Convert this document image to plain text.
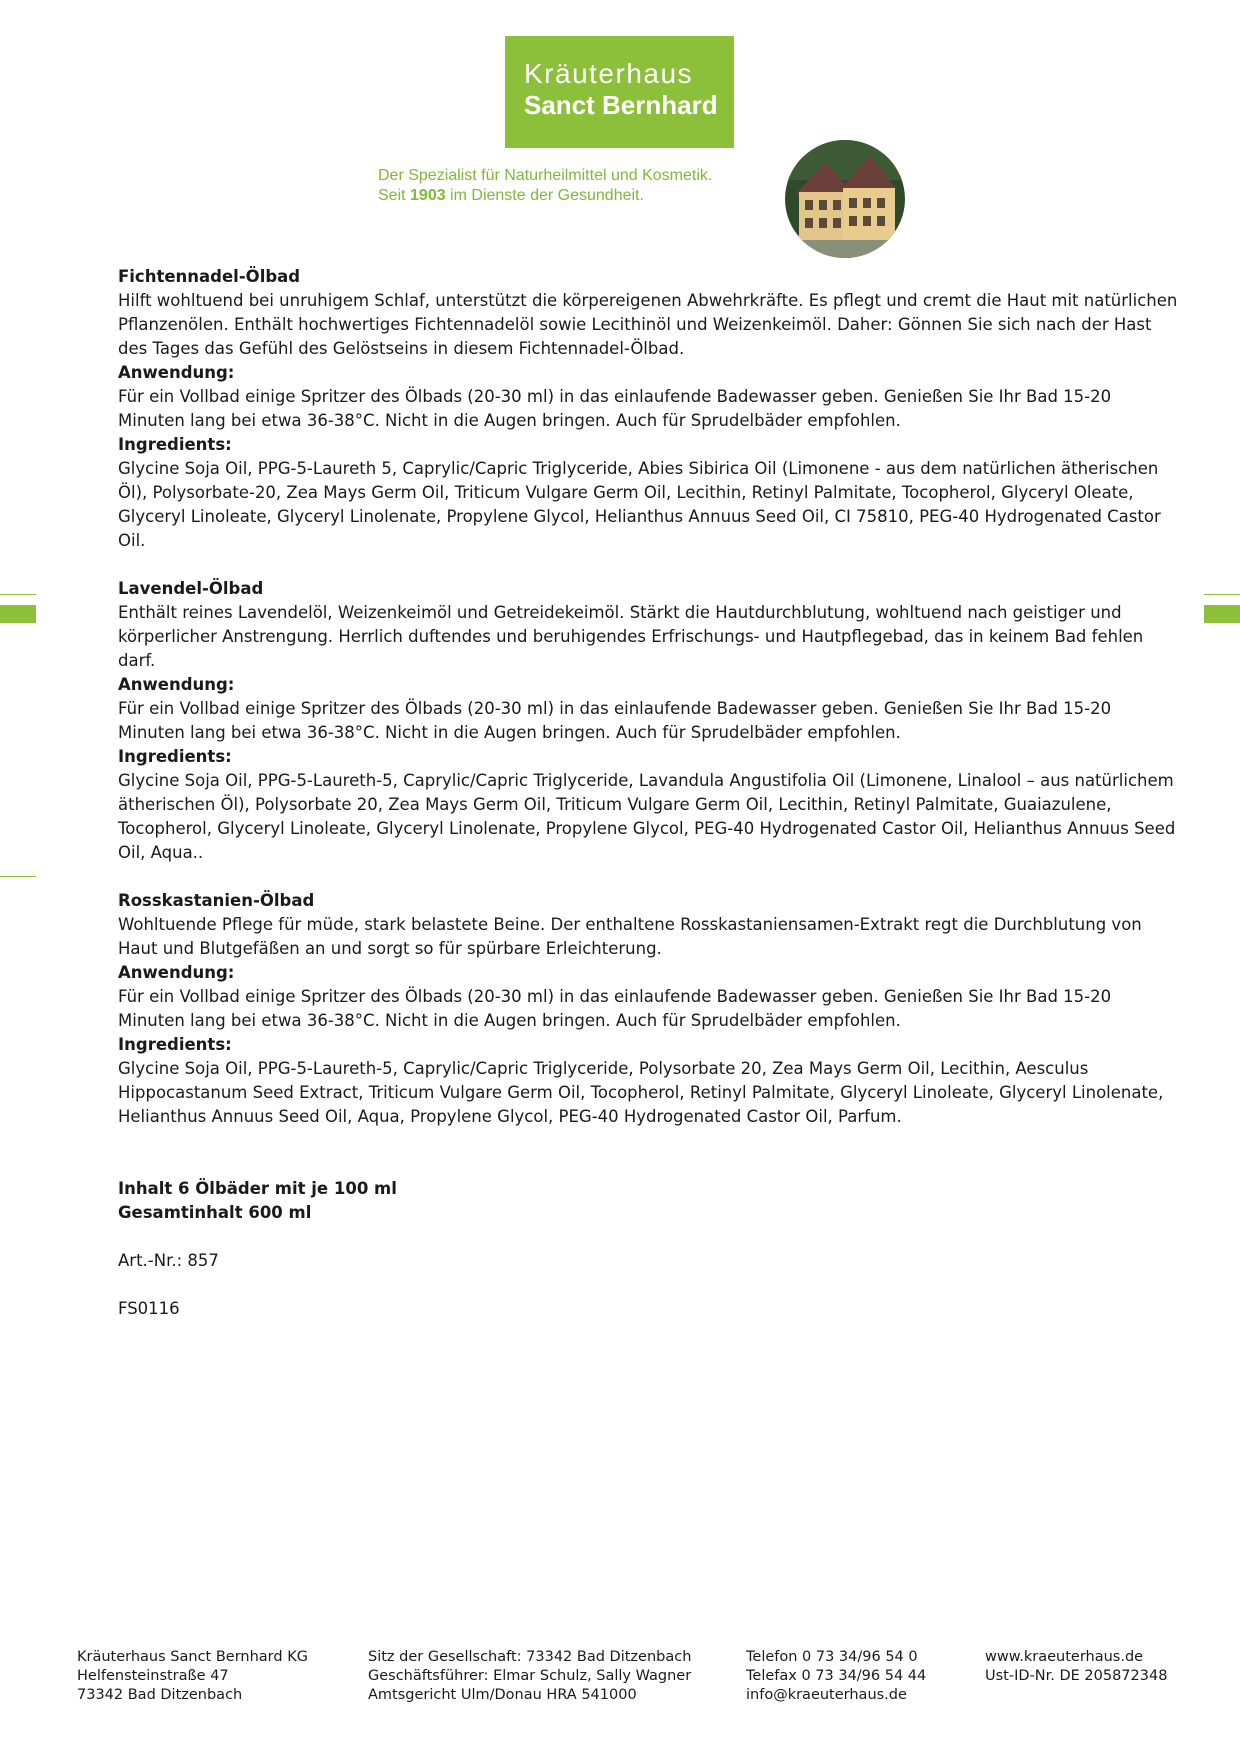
Kräuterhaus
Sanct Bernhard
Der Spezialist für Naturheilmittel und Kosmetik.
Seit 1903 im Dienste der Gesundheit.
Fichtennadel-Ölbad

Hilft wohltuend bei unruhigem Schlaf, unterstützt die körpereigenen Abwehrkräfte. Es pflegt und cremt die Haut mit natürlichen Pflanzenölen. Enthält hochwertiges Fichtennadelöl sowie Lecithinöl und Weizenkeimöl. Daher: Gönnen Sie sich nach der Hast des Tages das Gefühl des Gelöstseins in diesem Fichtennadel-Ölbad.

Anwendung:

Für ein Vollbad einige Spritzer des Ölbads (20-30 ml) in das einlaufende Badewasser geben. Genießen Sie Ihr Bad 15-20 Minuten lang bei etwa 36-38°C. Nicht in die Augen bringen. Auch für Sprudelbäder empfohlen.

Ingredients:

Glycine Soja Oil, PPG-5-Laureth 5, Caprylic/Capric Triglyceride, Abies Sibirica Oil (Limonene - aus dem natürlichen ätherischen Öl), Polysorbate-20, Zea Mays Germ Oil, Triticum Vulgare Germ Oil, Lecithin, Retinyl Palmitate, Tocopherol, Glyceryl Oleate, Glyceryl Linoleate, Glyceryl Linolenate, Propylene Glycol, Helianthus Annuus Seed Oil, CI 75810, PEG-40 Hydrogenated Castor Oil.

Lavendel-Ölbad

Enthält reines Lavendelöl, Weizenkeimöl und Getreidekeimöl. Stärkt die Hautdurchblutung, wohltuend nach geistiger und körperlicher Anstrengung. Herrlich duftendes und beruhigendes Erfrischungs- und Hautpflegebad, das in keinem Bad fehlen darf.

Anwendung:

Für ein Vollbad einige Spritzer des Ölbads (20-30 ml) in das einlaufende Badewasser geben. Genießen Sie Ihr Bad 15-20 Minuten lang bei etwa 36-38°C. Nicht in die Augen bringen. Auch für Sprudelbäder empfohlen.

Ingredients:

Glycine Soja Oil, PPG-5-Laureth-5, Caprylic/Capric Triglyceride, Lavandula Angustifolia Oil (Limonene, Linalool – aus natürlichem ätherischen Öl), Polysorbate 20, Zea Mays Germ Oil, Triticum Vulgare Germ Oil, Lecithin, Retinyl Palmitate, Guaiazulene, Tocopherol, Glyceryl Linoleate, Glyceryl Linolenate, Propylene Glycol, PEG-40 Hydrogenated Castor Oil, Helianthus Annuus Seed Oil, Aqua..

Rosskastanien-Ölbad

Wohltuende Pflege für müde, stark belastete Beine. Der enthaltene Rosskastaniensamen-Extrakt regt die Durchblutung von Haut und Blutgefäßen an und sorgt so für spürbare Erleichterung.

Anwendung:

Für ein Vollbad einige Spritzer des Ölbads (20-30 ml) in das einlaufende Badewasser geben. Genießen Sie Ihr Bad 15-20 Minuten lang bei etwa 36-38°C. Nicht in die Augen bringen. Auch für Sprudelbäder empfohlen.

Ingredients:

Glycine Soja Oil, PPG-5-Laureth-5, Caprylic/Capric Triglyceride, Polysorbate 20, Zea Mays Germ Oil, Lecithin, Aesculus Hippocastanum Seed Extract, Triticum Vulgare Germ Oil, Tocopherol, Retinyl Palmitate, Glyceryl Linoleate, Glyceryl Linolenate, Helianthus Annuus Seed Oil, Aqua, Propylene Glycol, PEG-40 Hydrogenated Castor Oil, Parfum.

Inhalt 6 Ölbäder mit je 100 ml
Gesamtinhalt 600 ml
Art.-Nr.: 857
FS0116
Kräuterhaus Sanct Bernhard KG
Helfensteinstraße 47
73342 Bad Ditzenbach
Sitz der Gesellschaft: 73342 Bad Ditzenbach
Geschäftsführer: Elmar Schulz, Sally Wagner
Amtsgericht Ulm/Donau HRA 541000
Telefon 0 73 34/96 54 0
Telefax 0 73 34/96 54 44
info@kraeuterhaus.de
www.kraeuterhaus.de
Ust-ID-Nr. DE 205872348
